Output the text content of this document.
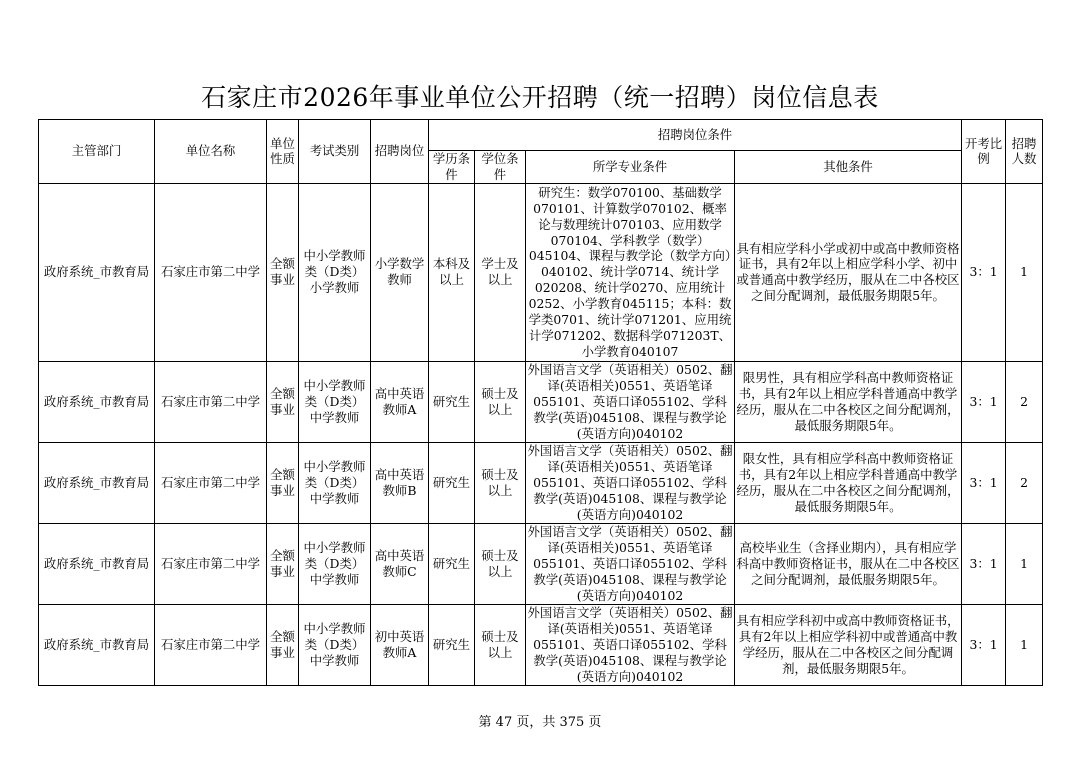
石家庄市2026年事业单位公开招聘（统一招聘）岗位信息表
主管部门	单位名称	单位性质	考试类别	招聘岗位	招聘岗位条件				开考比例	招聘人数
					学历条件	学位条件	所学专业条件	其他条件		
政府系统_市教育局	石家庄市第二中学	全额事业	中小学教师类（D类）小学教师	小学数学教师	本科及以上	学士及以上	研究生：数学070100、基础数学070101、计算数学070102、概率论与数理统计070103、应用数学070104、学科教学（数学）045104、课程与教学论（数学方向）040102、统计学0714、统计学020208、统计学0270、应用统计0252、小学教育045115；本科：数学类0701、统计学071201、应用统计学071202、数据科学071203T、小学教育040107	具有相应学科小学或初中或高中教师资格证书，具有2年以上相应学科小学、初中或普通高中教学经历，服从在二中各校区之间分配调剂，最低服务期限5年。	3：1	1
政府系统_市教育局	石家庄市第二中学	全额事业	中小学教师类（D类）中学教师	高中英语教师A	研究生	硕士及以上	外国语言文学（英语相关）0502、翻译(英语相关)0551、英语笔译055101、英语口译055102、学科教学(英语)045108、课程与教学论(英语方向)040102	限男性，具有相应学科高中教师资格证书，具有2年以上相应学科普通高中教学经历，服从在二中各校区之间分配调剂，最低服务期限5年。	3：1	2
政府系统_市教育局	石家庄市第二中学	全额事业	中小学教师类（D类）中学教师	高中英语教师B	研究生	硕士及以上	外国语言文学（英语相关）0502、翻译(英语相关)0551、英语笔译055101、英语口译055102、学科教学(英语)045108、课程与教学论(英语方向)040102	限女性，具有相应学科高中教师资格证书，具有2年以上相应学科普通高中教学经历，服从在二中各校区之间分配调剂，最低服务期限5年。	3：1	2
政府系统_市教育局	石家庄市第二中学	全额事业	中小学教师类（D类）中学教师	高中英语教师C	研究生	硕士及以上	外国语言文学（英语相关）0502、翻译(英语相关)0551、英语笔译055101、英语口译055102、学科教学(英语)045108、课程与教学论(英语方向)040102	高校毕业生（含择业期内），具有相应学科高中教师资格证书，服从在二中各校区之间分配调剂，最低服务期限5年。	3：1	1
政府系统_市教育局	石家庄市第二中学	全额事业	中小学教师类（D类）中学教师	初中英语教师A	研究生	硕士及以上	外国语言文学（英语相关）0502、翻译(英语相关)0551、英语笔译055101、英语口译055102、学科教学(英语)045108、课程与教学论(英语方向)040102	具有相应学科初中或高中教师资格证书，具有2年以上相应学科初中或普通高中教学经历，服从在二中各校区之间分配调剂，最低服务期限5年。	3：1	1
第 47 页，共 375 页
